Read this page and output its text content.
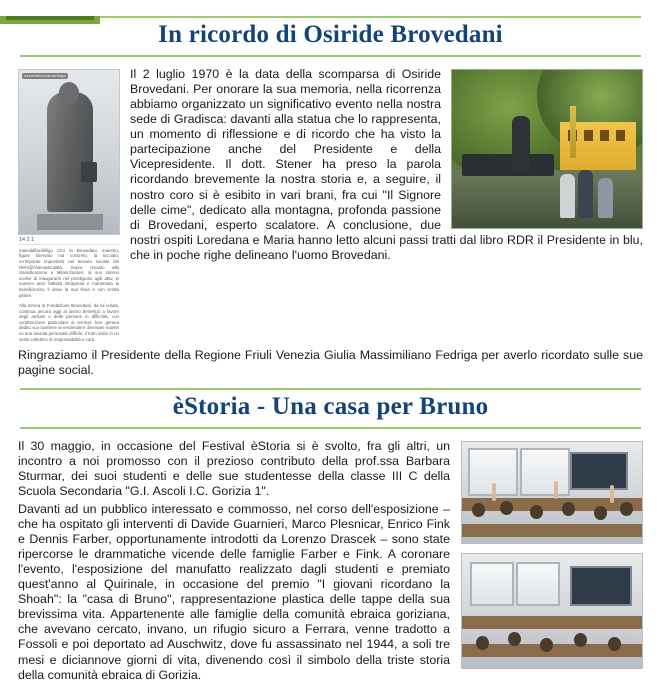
In ricordo di Osiride Brovedani
ossiridebrovedanispa
14 2 1
masolidifacilitiligo Ciro la Brovedani, maestro, figure riservato ma concreto, la lucciato, un'imponto impuntarsi nel tessuto sociale del RM's@chiesaiaCipitta. Sopra rimasto alla classificazione e Milano'lazaeri, al suo interno scelse di inaugurarlo nel prestigioso agili attiv, in numero anni l'attività intrapresa e mantenuta la beneficienza; li visse la sua linea e con scritta pittore.
Alla tornea la Fondazione Brovedani, da lui voluta, continua ancora oggi al lavoro beneficio a favore degli anziani e delle persone in difficoltà, con un'attenzione particolare ai territori, fare genera dedito suo sostiene ai rendendere diversare mainte ce una avviata personale difficile, il tutto insito in un sesto collettivo di responsabilità e cura.

Il 2 luglio 1970 è la data della scomparsa di Osiride Brovedani. Per onorare la sua memoria, nella ricorrenza abbiamo organizzato un significativo evento nella nostra sede di Gradisca: davanti alla statua che lo rappresenta, un momento di riflessione e di ricordo che ha visto la partecipazione anche del Presidente e della Vicepresidente. Il dott. Stener ha preso la parola ricordando brevemente la nostra storia e, a seguire, il nostro coro si è esibito in vari brani, fra cui "Il Signore delle cime", dedicato alla montagna, profonda passione di Brovedani, esperto scalatore. A conclusione, due nostri ospiti Loredana e Maria hanno letto alcuni passi tratti dal libro RDR il Presidente in blu, che in poche righe delineano l'uomo Brovedani.

Ringraziamo il Presidente della Regione Friuli Venezia Giulia Massimiliano Fedriga per averlo ricordato sulle sue pagine social.

èStoria - Una casa per Bruno

Il 30 maggio, in occasione del Festival èStoria si è svolto, fra gli altri, un incontro a noi promosso con il prezioso contributo della prof.ssa Barbara Sturmar, dei suoi studenti e delle sue studentesse della classe III C della Scuola Secondaria "G.I. Ascoli I.C. Gorizia 1".

Davanti ad un pubblico interessato e commosso, nel corso dell'esposizione – che ha ospitato gli interventi di Davide Guarnieri, Marco Plesnicar, Enrico Fink e Dennis Farber, opportunamente introdotti da Lorenzo Drascek – sono state ripercorse le drammatiche vicende delle famiglie Farber e Fink. A coronare l'evento, l'esposizione del manufatto realizzato dagli studenti e premiato quest'anno al Quirinale, in occasione del premio "I giovani ricordano la Shoah": la "casa di Bruno", rappresentazione plastica delle tappe della sua brevissima vita. Appartenente alle famiglie della comunità ebraica goriziana, che avevano cercato, invano, un rifugio sicuro a Ferrara, venne tradotto a Fossoli e poi deportato ad Auschwitz, dove fu assassinato nel 1944, a soli tre mesi e diciannove giorni di vita, divenendo così il simbolo della triste storia della comunità ebraica di Gorizia.
